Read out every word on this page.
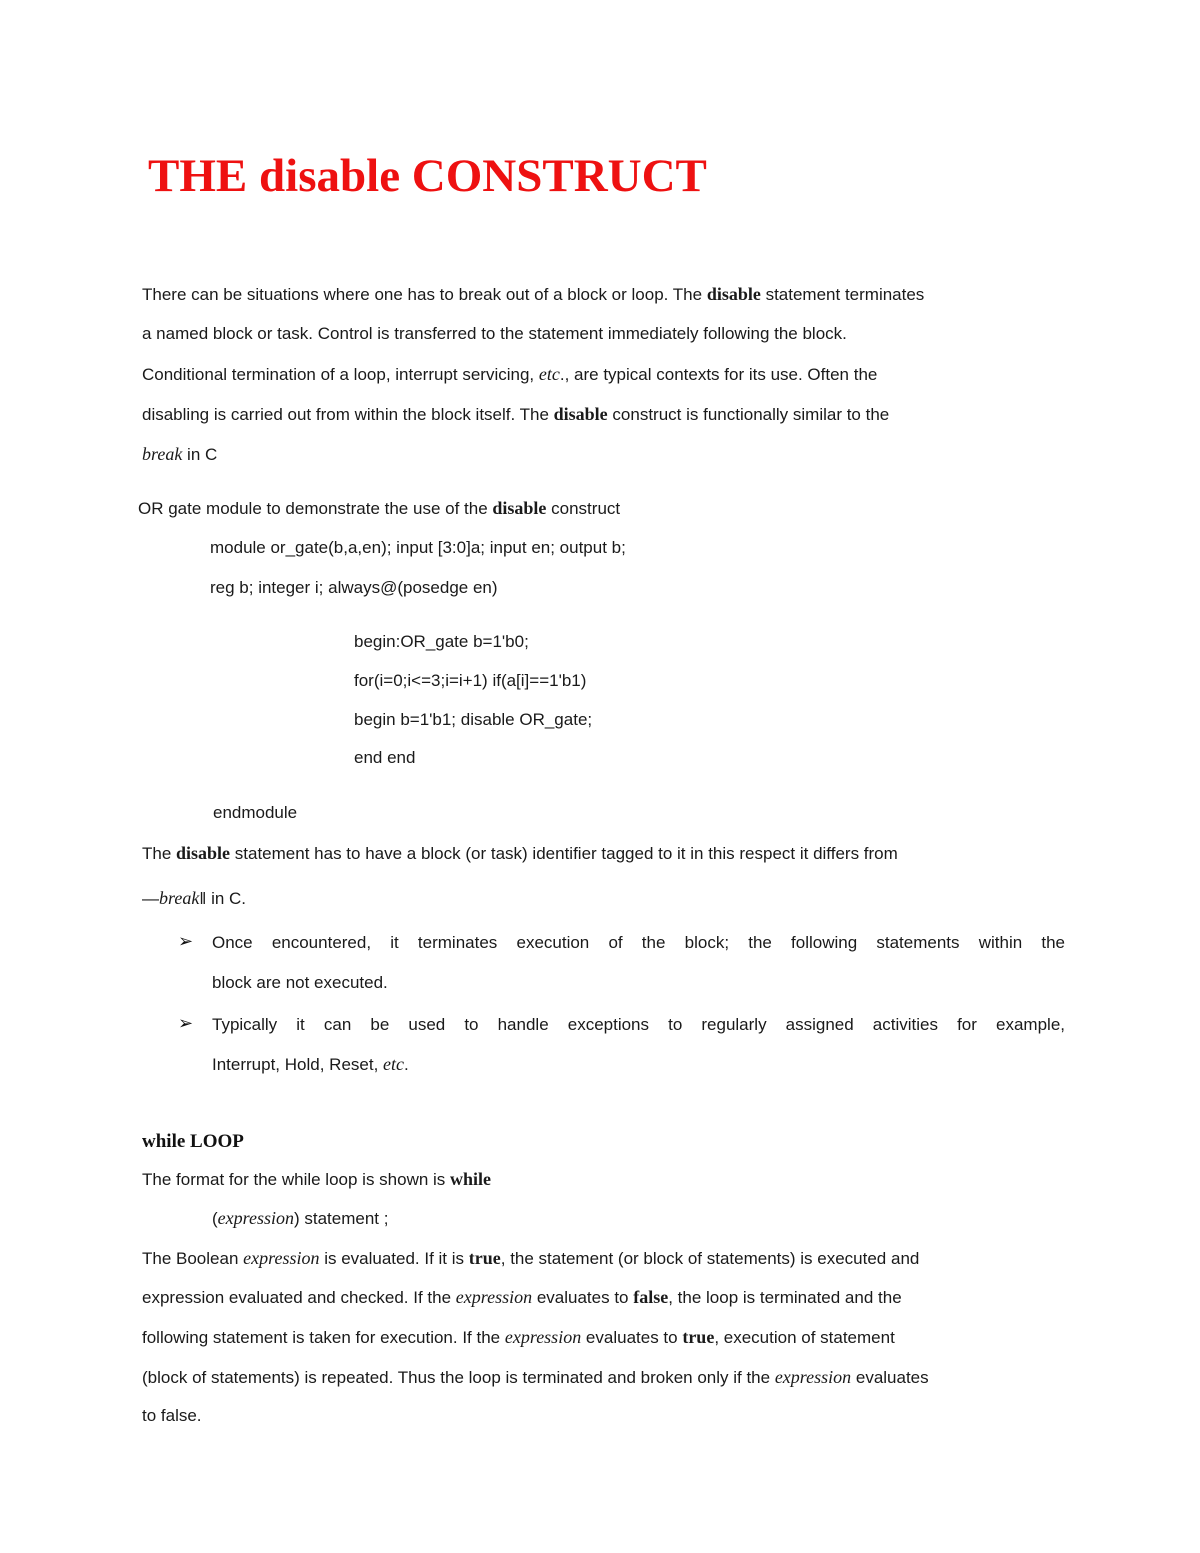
THE disable CONSTRUCT
There can be situations where one has to break out of a block or loop. The disable statement terminates
a named block or task. Control is transferred to the statement immediately following the block.
Conditional termination of a loop, interrupt servicing, etc., are typical contexts for its use. Often the
disabling is carried out from within the block itself. The disable construct is functionally similar to the
break in C
OR gate module to demonstrate the use of the disable construct
module or_gate(b,a,en); input [3:0]a; input en; output b;
reg b; integer i; always@(posedge en)
begin:OR_gate b=1'b0;
for(i=0;i<=3;i=i+1) if(a[i]==1'b1)
begin b=1'b1; disable OR_gate;
end end
endmodule
The disable statement has to have a block (or task) identifier tagged to it in this respect it differs from
—break‖ in C.
➢ Once encountered, it terminates execution of the block; the following statements within the
block are not executed.
➢ Typically it can be used to handle exceptions to regularly assigned activities for example,
Interrupt, Hold, Reset, etc.
while LOOP
The format for the while loop is shown is while
(expression) statement ;
The Boolean expression is evaluated. If it is true, the statement (or block of statements) is executed and
expression evaluated and checked. If the expression evaluates to false, the loop is terminated and the
following statement is taken for execution. If the expression evaluates to true, execution of statement
(block of statements) is repeated. Thus the loop is terminated and broken only if the expression evaluates
to false.
